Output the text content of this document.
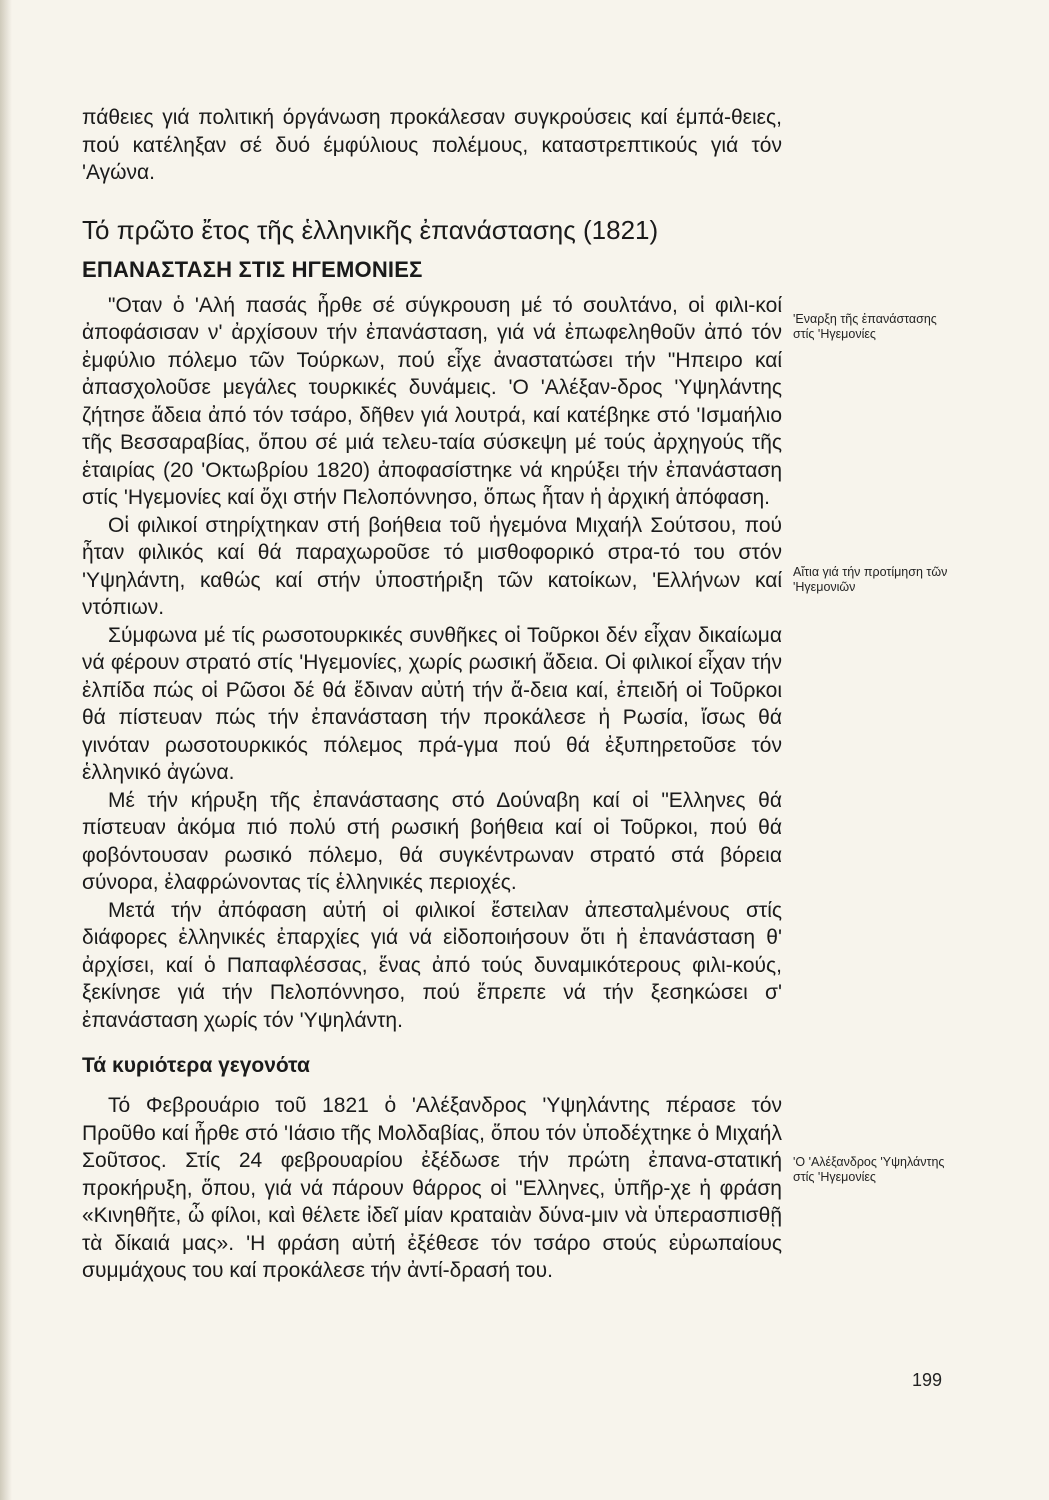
πάθειες γιά πολιτική όργάνωση προκάλεσαν συγκρούσεις καί έμπά-θειες, πού κατέληξαν σέ δυό έμφύλιους πολέμους, καταστρεπτικούς γιά τόν 'Αγώνα.

Τό πρῶτο ἔτος τῆς ἑλληνικῆς ἐπανάστασης (1821)
ΕΠΑΝΑΣΤΑΣΗ ΣΤΙΣ ΗΓΕΜΟΝΙΕΣ

"Οταν ὁ 'Αλή πασάς ἦρθε σέ σύγκρουση μέ τό σουλτάνο, οἱ φιλι-κοί ἀποφάσισαν ν' ἀρχίσουν τήν ἐπανάσταση, γιά νά ἐπωφεληθοῦν ἀπό τόν ἐμφύλιο πόλεμο τῶν Τούρκων, πού εἶχε ἀναστατώσει τήν "Ηπειρο καί ἀπασχολοῦσε μεγάλες τουρκικές δυνάμεις. 'Ο 'Αλέξαν-δρος 'Υψηλάντης ζήτησε ἄδεια ἀπό τόν τσάρο, δῆθεν γιά λουτρά, καί κατέβηκε στό 'Ισμαήλιο τῆς Βεσσαραβίας, ὅπου σέ μιά τελευ-ταία σύσκεψη μέ τούς ἀρχηγούς τῆς ἑταιρίας (20 'Οκτωβρίου 1820) ἀποφασίστηκε νά κηρύξει τήν ἐπανάσταση στίς 'Ηγεμονίες καί ὄχι στήν Πελοπόννησο, ὅπως ἦταν ἡ ἀρχική ἀπόφαση.

Οἱ φιλικοί στηρίχτηκαν στή βοήθεια τοῦ ἡγεμόνα Μιχαήλ Σούτσου, πού ἦταν φιλικός καί θά παραχωροῦσε τό μισθοφορικό στρα-τό του στόν 'Υψηλάντη, καθώς καί στήν ὑποστήριξη τῶν κατοίκων, 'Ελλήνων καί ντόπιων.

Σύμφωνα μέ τίς ρωσοτουρκικές συνθῆκες οἱ Τοῦρκοι δέν εἶχαν δικαίωμα νά φέρουν στρατό στίς 'Ηγεμονίες, χωρίς ρωσική ἄδεια. Οἱ φιλικοί εἶχαν τήν ἐλπίδα πώς οἱ Ρῶσοι δέ θά ἔδιναν αὐτή τήν ἄ-δεια καί, ἐπειδή οἱ Τοῦρκοι θά πίστευαν πώς τήν ἐπανάσταση τήν προκάλεσε ἡ Ρωσία, ἴσως θά γινόταν ρωσοτουρκικός πόλεμος πρά-γμα πού θά ἐξυπηρετοῦσε τόν ἑλληνικό ἀγώνα.

Μέ τήν κήρυξη τῆς ἐπανάστασης στό Δούναβη καί οἱ "Ελληνες θά πίστευαν ἀκόμα πιό πολύ στή ρωσική βοήθεια καί οἱ Τοῦρκοι, πού θά φοβόντουσαν ρωσικό πόλεμο, θά συγκέντρωναν στρατό στά βόρεια σύνορα, ἐλαφρώνοντας τίς ἑλληνικές περιοχές.

Μετά τήν ἀπόφαση αὐτή οἱ φιλικοί ἔστειλαν ἀπεσταλμένους στίς διάφορες ἑλληνικές ἐπαρχίες γιά νά εἰδοποιήσουν ὅτι ἡ ἐπανάσταση θ' ἀρχίσει, καί ὁ Παπαφλέσσας, ἕνας ἀπό τούς δυναμικότερους φιλι-κούς, ξεκίνησε γιά τήν Πελοπόννησο, πού ἔπρεπε νά τήν ξεσηκώσει σ' ἐπανάσταση χωρίς τόν 'Υψηλάντη.

Τά κυριότερα γεγονότα

Τό Φεβρουάριο τοῦ 1821 ὁ 'Αλέξανδρος 'Υψηλάντης πέρασε τόν Προῦθο καί ἦρθε στό 'Ιάσιο τῆς Μολδαβίας, ὅπου τόν ὑποδέχτηκε ὁ Μιχαήλ Σοῦτσος. Στίς 24 φεβρουαρίου ἐξέδωσε τήν πρώτη ἐπανα-στατική προκήρυξη, ὅπου, γιά νά πάρουν θάρρος οἱ "Ελληνες, ὑπῆρ-χε ἡ φράση «Κινηθῆτε, ὦ φίλοι, καὶ θέλετε ἰδεῖ μίαν κραταιὰν δύνα-μιν νὰ ὑπερασπισθῇ τὰ δίκαιά μας». 'Η φράση αὐτή ἐξέθεσε τόν τσάρο στούς εὐρωπαίους συμμάχους του καί προκάλεσε τήν ἀντί-δρασή του.

'Εναρξη τῆς ἐπανάστασης στίς 'Ηγεμονίες
Αἴτια γιά τήν προτίμηση τῶν 'Ηγεμονιῶν
'Ο 'Αλέξανδρος 'Υψηλάντης στίς 'Ηγεμονίες
199
